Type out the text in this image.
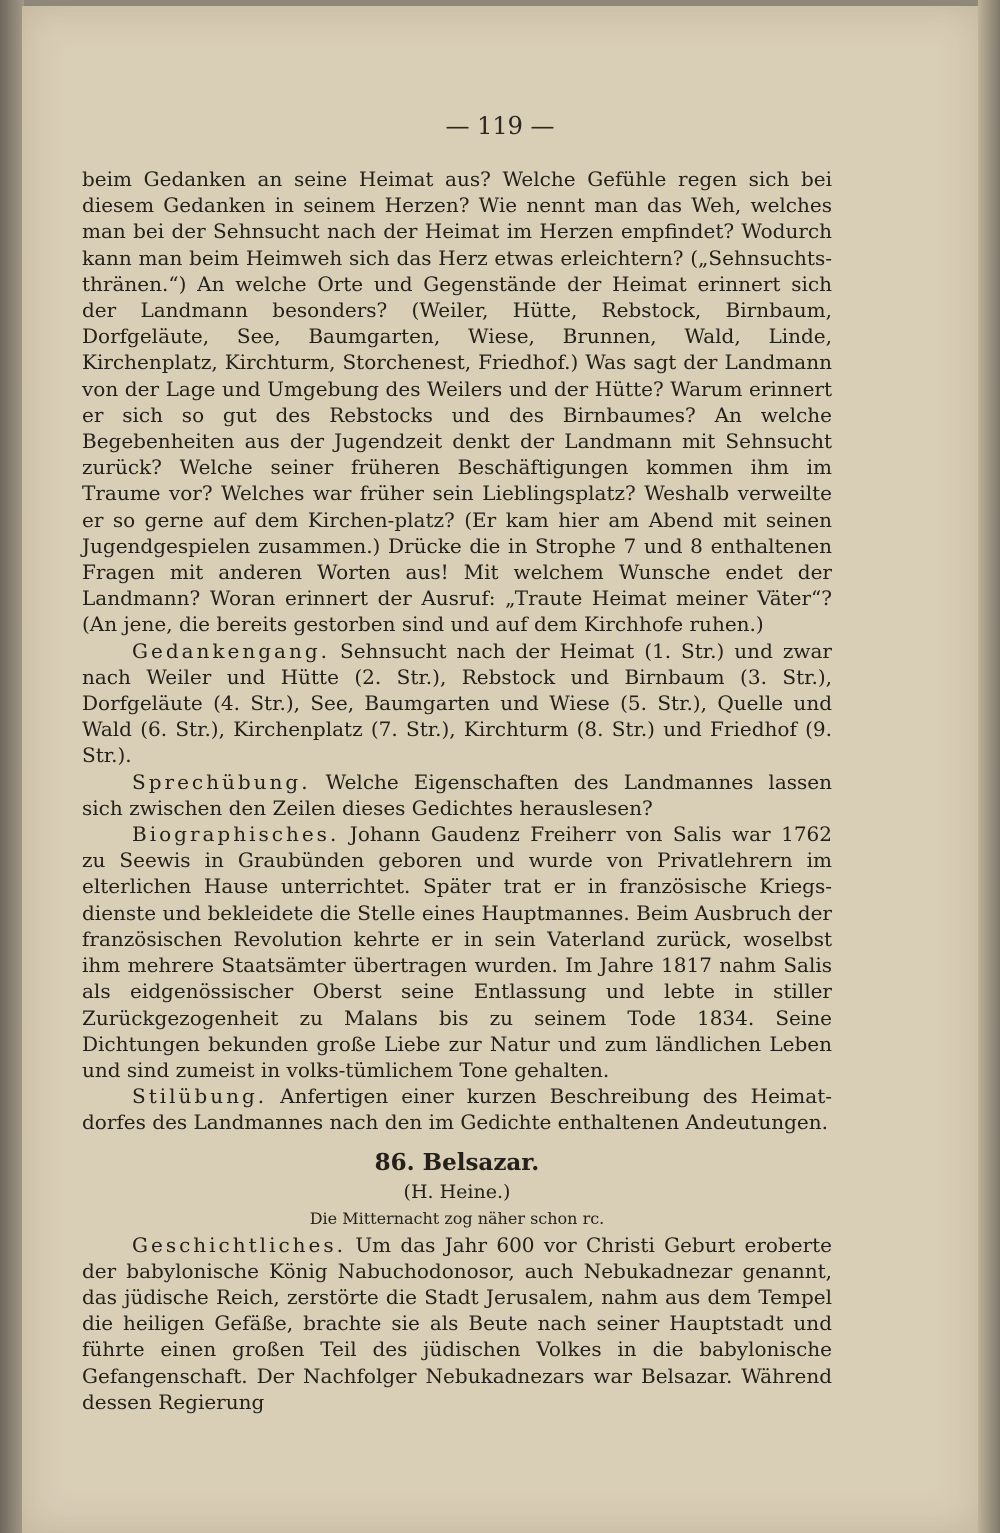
— 119 —

beim Gedanken an seine Heimat aus? Welche Gefühle regen sich bei diesem Gedanken in seinem Herzen? Wie nennt man das Weh, welches man bei der Sehnsucht nach der Heimat im Herzen empfindet? Wodurch kann man beim Heimweh sich das Herz etwas erleichtern? („Sehnsuchts-thränen.“) An welche Orte und Gegenstände der Heimat erinnert sich der Landmann besonders? (Weiler, Hütte, Rebstock, Birnbaum, Dorfgeläute, See, Baumgarten, Wiese, Brunnen, Wald, Linde, Kirchenplatz, Kirchturm, Storchenest, Friedhof.) Was sagt der Landmann von der Lage und Umgebung des Weilers und der Hütte? Warum erinnert er sich so gut des Rebstocks und des Birnbaumes? An welche Begebenheiten aus der Jugendzeit denkt der Landmann mit Sehnsucht zurück? Welche seiner früheren Beschäftigungen kommen ihm im Traume vor? Welches war früher sein Lieblingsplatz? Weshalb verweilte er so gerne auf dem Kirchen-platz? (Er kam hier am Abend mit seinen Jugendgespielen zusammen.) Drücke die in Strophe 7 und 8 enthaltenen Fragen mit anderen Worten aus! Mit welchem Wunsche endet der Landmann? Woran erinnert der Ausruf: „Traute Heimat meiner Väter“? (An jene, die bereits gestorben sind und auf dem Kirchhofe ruhen.)

Gedankengang. Sehnsucht nach der Heimat (1. Str.) und zwar nach Weiler und Hütte (2. Str.), Rebstock und Birnbaum (3. Str.), Dorfgeläute (4. Str.), See, Baumgarten und Wiese (5. Str.), Quelle und Wald (6. Str.), Kirchenplatz (7. Str.), Kirchturm (8. Str.) und Friedhof (9. Str.).

Sprechübung. Welche Eigenschaften des Landmannes lassen sich zwischen den Zeilen dieses Gedichtes herauslesen?

Biographisches. Johann Gaudenz Freiherr von Salis war 1762 zu Seewis in Graubünden geboren und wurde von Privatlehrern im elterlichen Hause unterrichtet. Später trat er in französische Kriegs-dienste und bekleidete die Stelle eines Hauptmannes. Beim Ausbruch der französischen Revolution kehrte er in sein Vaterland zurück, woselbst ihm mehrere Staatsämter übertragen wurden. Im Jahre 1817 nahm Salis als eidgenössischer Oberst seine Entlassung und lebte in stiller Zurückgezogenheit zu Malans bis zu seinem Tode 1834. Seine Dichtungen bekunden große Liebe zur Natur und zum ländlichen Leben und sind zumeist in volks-tümlichem Tone gehalten.

Stilübung. Anfertigen einer kurzen Beschreibung des Heimat-dorfes des Landmannes nach den im Gedichte enthaltenen Andeutungen.

86. Belsazar.
(H. Heine.)
Die Mitternacht zog näher schon rc.

Geschichtliches. Um das Jahr 600 vor Christi Geburt eroberte der babylonische König Nabuchodonosor, auch Nebukadnezar genannt, das jüdische Reich, zerstörte die Stadt Jerusalem, nahm aus dem Tempel die heiligen Gefäße, brachte sie als Beute nach seiner Hauptstadt und führte einen großen Teil des jüdischen Volkes in die babylonische Gefangenschaft. Der Nachfolger Nebukadnezars war Belsazar. Während dessen Regierung
